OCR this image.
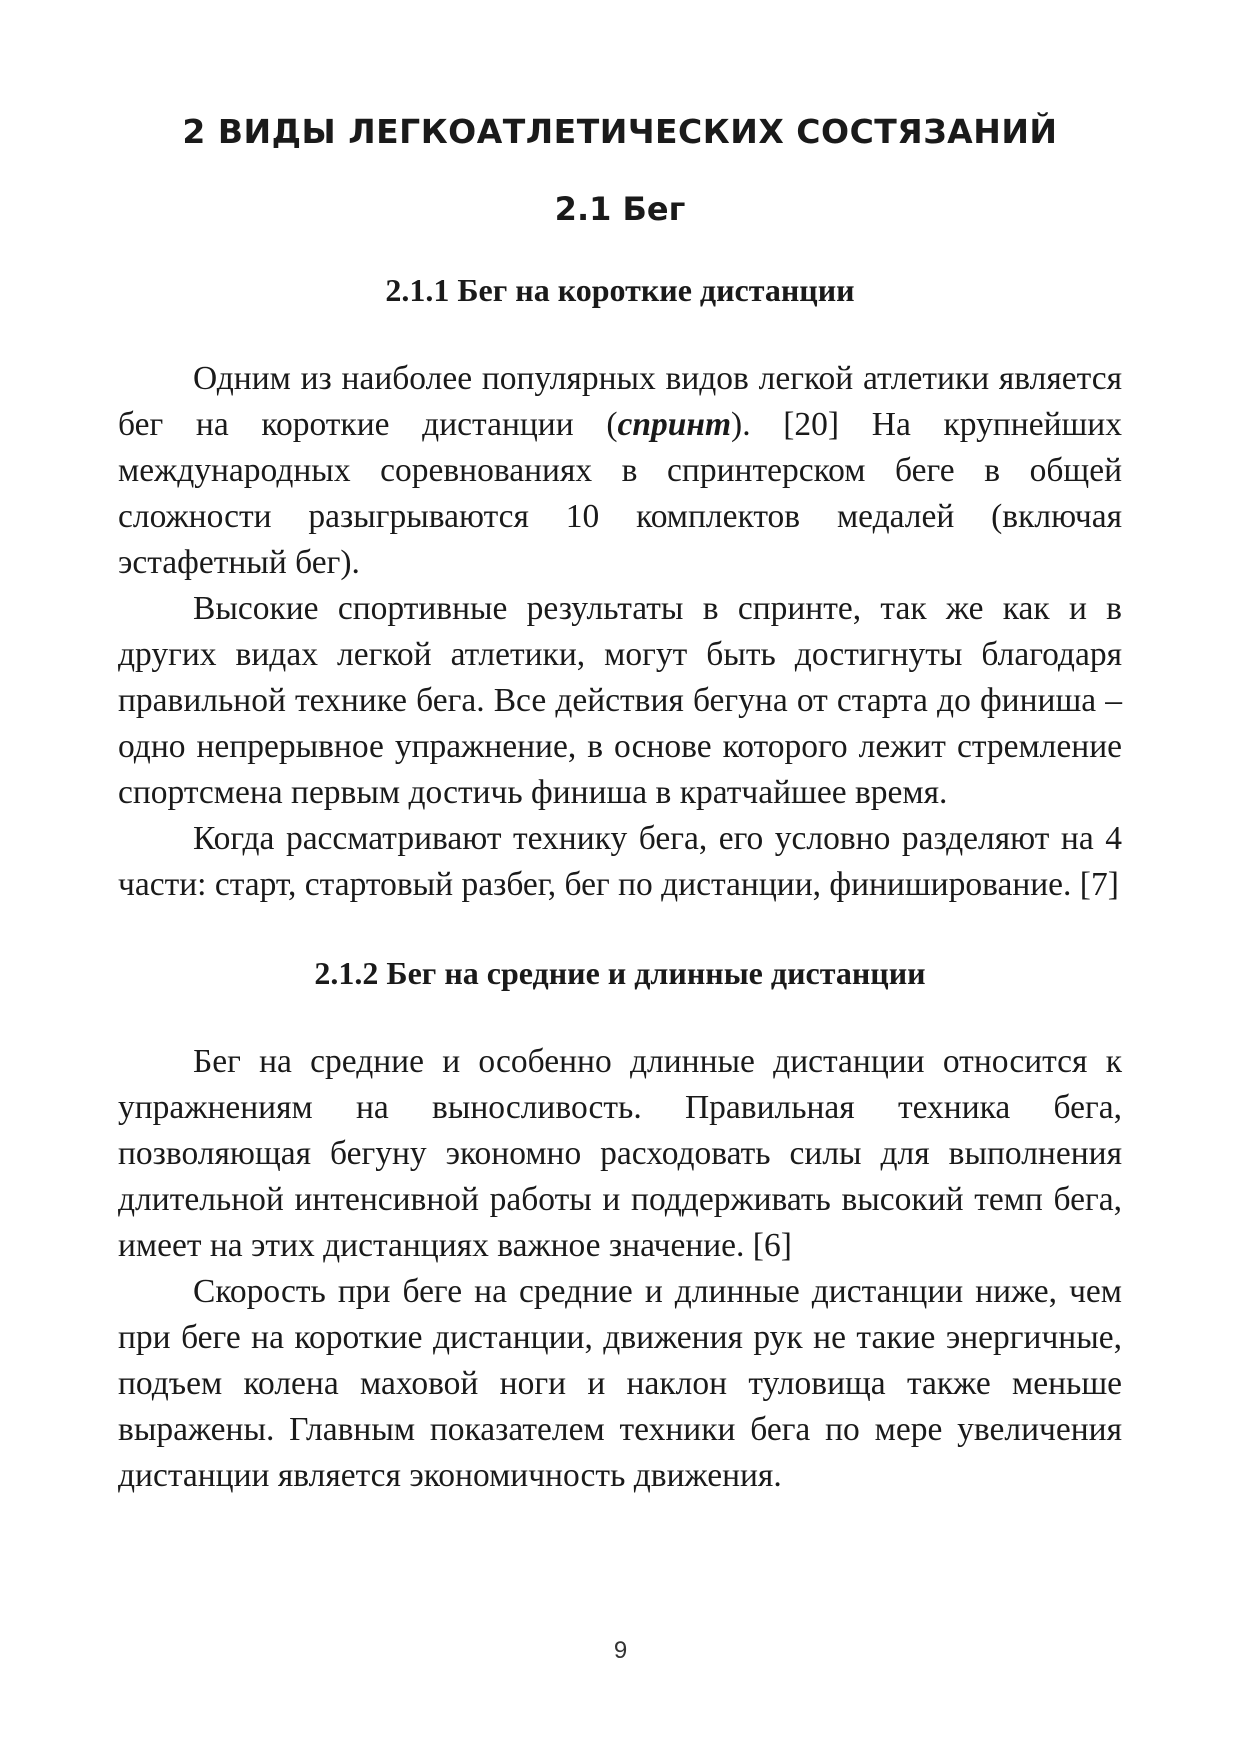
2 ВИДЫ ЛЕГКОАТЛЕТИЧЕСКИХ СОСТЯЗАНИЙ
2.1 Бег
2.1.1 Бег на короткие дистанции

Одним из наиболее популярных видов легкой атлетики является бег на короткие дистанции (спринт). [20] На крупнейших международных соревнованиях в спринтерском беге в общей сложности разыгрываются 10 комплектов медалей (включая эстафетный бег).

Высокие спортивные результаты в спринте, так же как и в других видах легкой атлетики, могут быть достигнуты благодаря правильной технике бега. Все действия бегуна от старта до финиша – одно непрерывное упражнение, в основе которого лежит стремление спортсмена первым достичь финиша в кратчайшее время.

Когда рассматривают технику бега, его условно разделяют на 4 части: старт, стартовый разбег, бег по дистанции, финиширование. [7]

2.1.2 Бег на средние и длинные дистанции

Бег на средние и особенно длинные дистанции относится к упражнениям на выносливость. Правильная техника бега, позволяющая бегуну экономно расходовать силы для выполнения длительной интенсивной работы и поддерживать высокий темп бега, имеет на этих дистанциях важное значение. [6]

Скорость при беге на средние и длинные дистанции ниже, чем при беге на короткие дистанции, движения рук не такие энергичные, подъем колена маховой ноги и наклон туловища также меньше выражены. Главным показателем техники бега по мере увеличения дистанции является экономичность движения.

9
